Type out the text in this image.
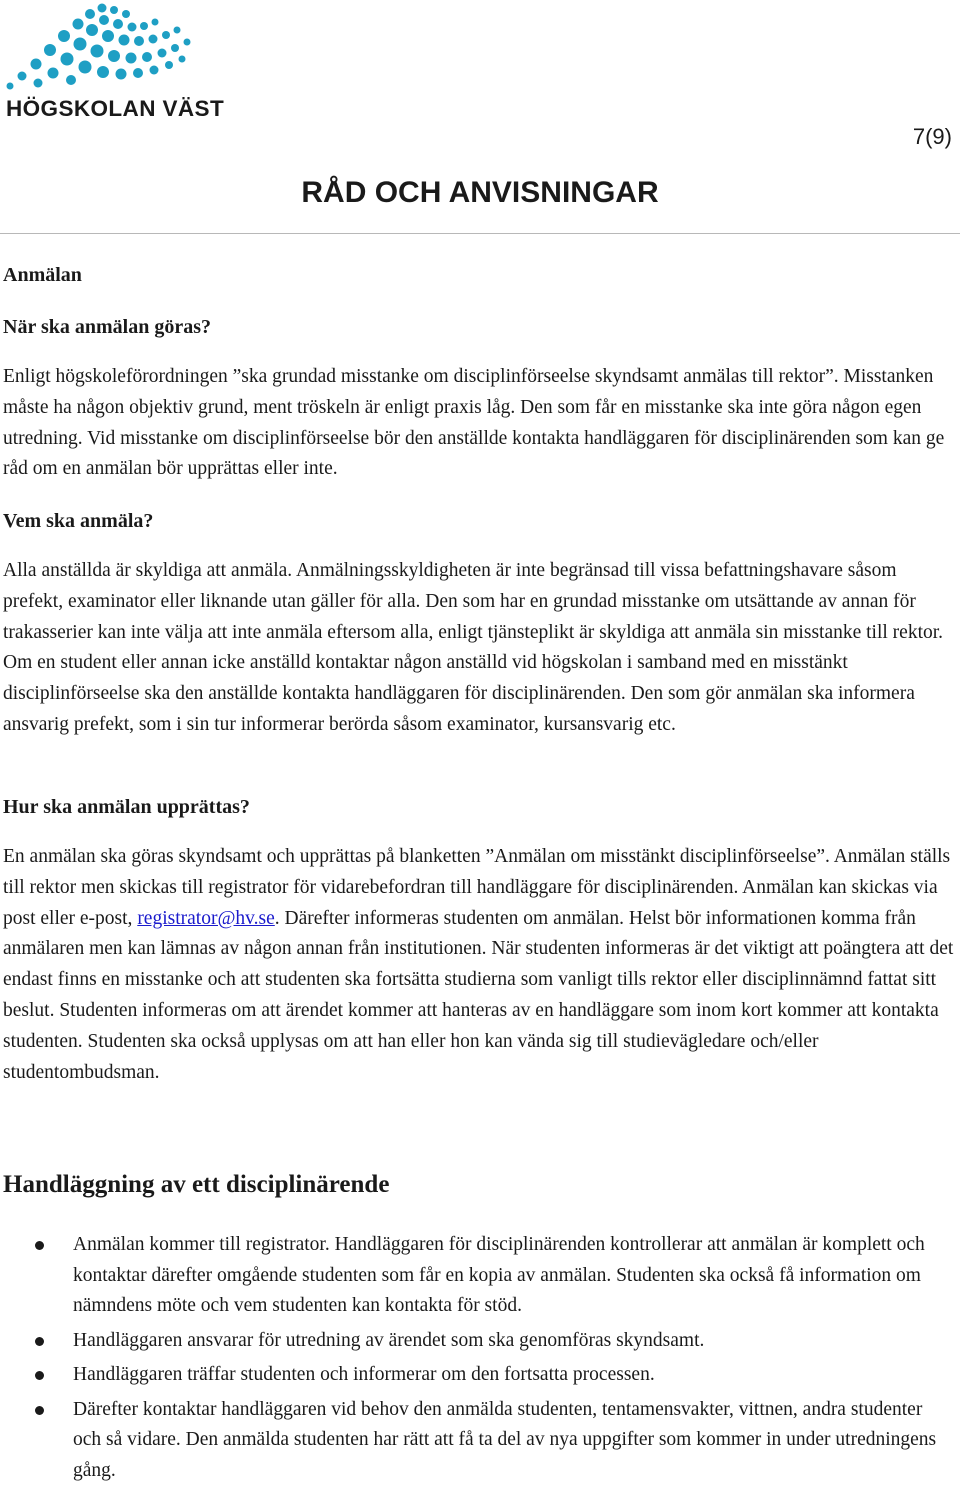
HÖGSKOLAN VÄST
7(9)
RÅD OCH ANVISNINGAR
Anmälan
När ska anmälan göras?

Enligt högskoleförordningen ”ska grundad misstanke om disciplinförseelse skyndsamt anmälas till rektor”. Misstanken måste ha någon objektiv grund, ment tröskeln är enligt praxis låg. Den som får en misstanke ska inte göra någon egen utredning. Vid misstanke om disciplinförseelse bör den anställde kontakta handläggaren för disciplinärenden som kan ge råd om en anmälan bör upprättas eller inte.

Vem ska anmäla?

Alla anställda är skyldiga att anmäla. Anmälningsskyldigheten är inte begränsad till vissa befattningshavare såsom prefekt, examinator eller liknande utan gäller för alla. Den som har en grundad misstanke om utsättande av annan för trakasserier kan inte välja att inte anmäla eftersom alla, enligt tjänsteplikt är skyldiga att anmäla sin misstanke till rektor. Om en student eller annan icke anställd kontaktar någon anställd vid högskolan i samband med en misstänkt disciplinförseelse ska den anställde kontakta handläggaren för disciplinärenden. Den som gör anmälan ska informera ansvarig prefekt, som i sin tur informerar berörda såsom examinator, kursansvarig etc.

Hur ska anmälan upprättas?

En anmälan ska göras skyndsamt och upprättas på blanketten ”Anmälan om misstänkt disciplinförseelse”. Anmälan ställs till rektor men skickas till registrator för vidarebefordran till handläggare för disciplinärenden. Anmälan kan skickas via post eller e-post, registrator@hv.se. Därefter informeras studenten om anmälan. Helst bör informationen komma från anmälaren men kan lämnas av någon annan från institutionen. När studenten informeras är det viktigt att poängtera att det endast finns en misstanke och att studenten ska fortsätta studierna som vanligt tills rektor eller disciplinnämnd fattat sitt beslut. Studenten informeras om att ärendet kommer att hanteras av en handläggare som inom kort kommer att kontakta studenten. Studenten ska också upplysas om att han eller hon kan vända sig till studievägledare och/eller studentombudsman.

Handläggning av ett disciplinärende
Anmälan kommer till registrator. Handläggaren för disciplinärenden kontrollerar att anmälan är komplett och kontaktar därefter omgående studenten som får en kopia av anmälan. Studenten ska också få information om nämndens möte och vem studenten kan kontakta för stöd.
Handläggaren ansvarar för utredning av ärendet som ska genomföras skyndsamt.
Handläggaren träffar studenten och informerar om den fortsatta processen.
Därefter kontaktar handläggaren vid behov den anmälda studenten, tentamensvakter, vittnen, andra studenter och så vidare. Den anmälda studenten har rätt att få ta del av nya uppgifter som kommer in under utredningens gång.
